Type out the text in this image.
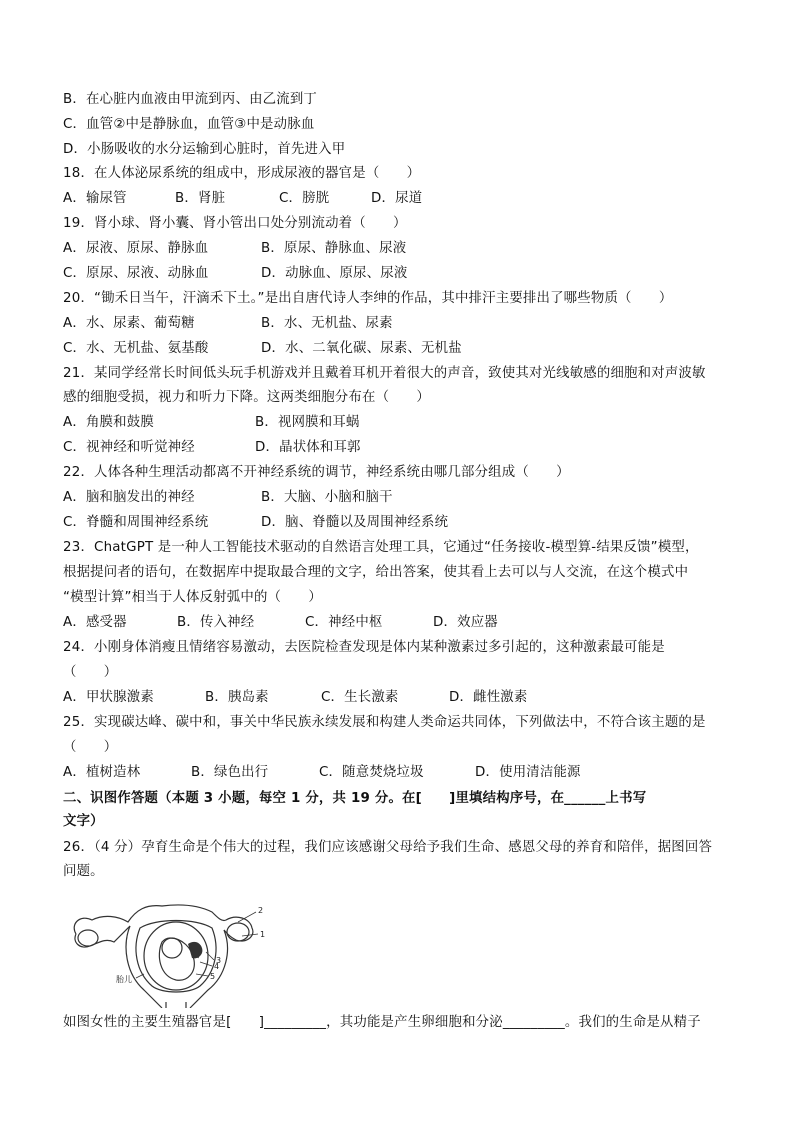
B．在心脏内血液由甲流到丙、由乙流到丁
C．血管②中是静脉血，血管③中是动脉血
D．小肠吸收的水分运输到心脏时，首先进入甲
18．在人体泌尿系统的组成中，形成尿液的器官是（　　）
A．输尿管	B．肾脏	C．膀胱	D．尿道
19．肾小球、肾小囊、肾小管出口处分别流动着（　　）
A．尿液、原尿、静脉血	B．原尿、静脉血、尿液
C．原尿、尿液、动脉血	D．动脉血、原尿、尿液
20．“锄禾日当午，汗滴禾下土。”是出自唐代诗人李绅的作品，其中排汗主要排出了哪些物质（　　）
A．水、尿素、葡萄糖	B．水、无机盐、尿素
C．水、无机盐、氨基酸	D．水、二氧化碳、尿素、无机盐
21．某同学经常长时间低头玩手机游戏并且戴着耳机开着很大的声音，致使其对光线敏感的细胞和对声波敏
感的细胞受损，视力和听力下降。这两类细胞分布在（　　）
A．角膜和鼓膜	B．视网膜和耳蜗
C．视神经和听觉神经	D．晶状体和耳郭
22．人体各种生理活动都离不开神经系统的调节，神经系统由哪几部分组成（　　）
A．脑和脑发出的神经	B．大脑、小脑和脑干
C．脊髓和周围神经系统	D．脑、脊髓以及周围神经系统
23．ChatGPT 是一种人工智能技术驱动的自然语言处理工具，它通过“任务接收-模型算-结果反馈”模型，
根据提问者的语句，在数据库中提取最合理的文字，给出答案，使其看上去可以与人交流，在这个模式中
“模型计算”相当于人体反射弧中的（　　）
A．感受器	B．传入神经	C．神经中枢	D．效应器
24．小刚身体消瘦且情绪容易激动，去医院检查发现是体内某种激素过多引起的，这种激素最可能是
（　　）
A．甲状腺激素	B．胰岛素	C．生长激素	D．雌性激素
25．实现碳达峰、碳中和，事关中华民族永续发展和构建人类命运共同体，下列做法中，不符合该主题的是
（　　）
A．植树造林	B．绿色出行	C．随意焚烧垃圾	D．使用清洁能源
二、识图作答题（本题 3 小题，每空 1 分，共 19 分。在[　　]里填结构序号，在______上书写
文字）
26．（4 分）孕育生命是个伟大的过程，我们应该感谢父母给予我们生命、感恩父母的养育和陪伴，据图回答
问题。
2
1
3
4
5
胎儿
如图女性的主要生殖器官是[　　]_________，其功能是产生卵细胞和分泌_________。我们的生命是从精子
